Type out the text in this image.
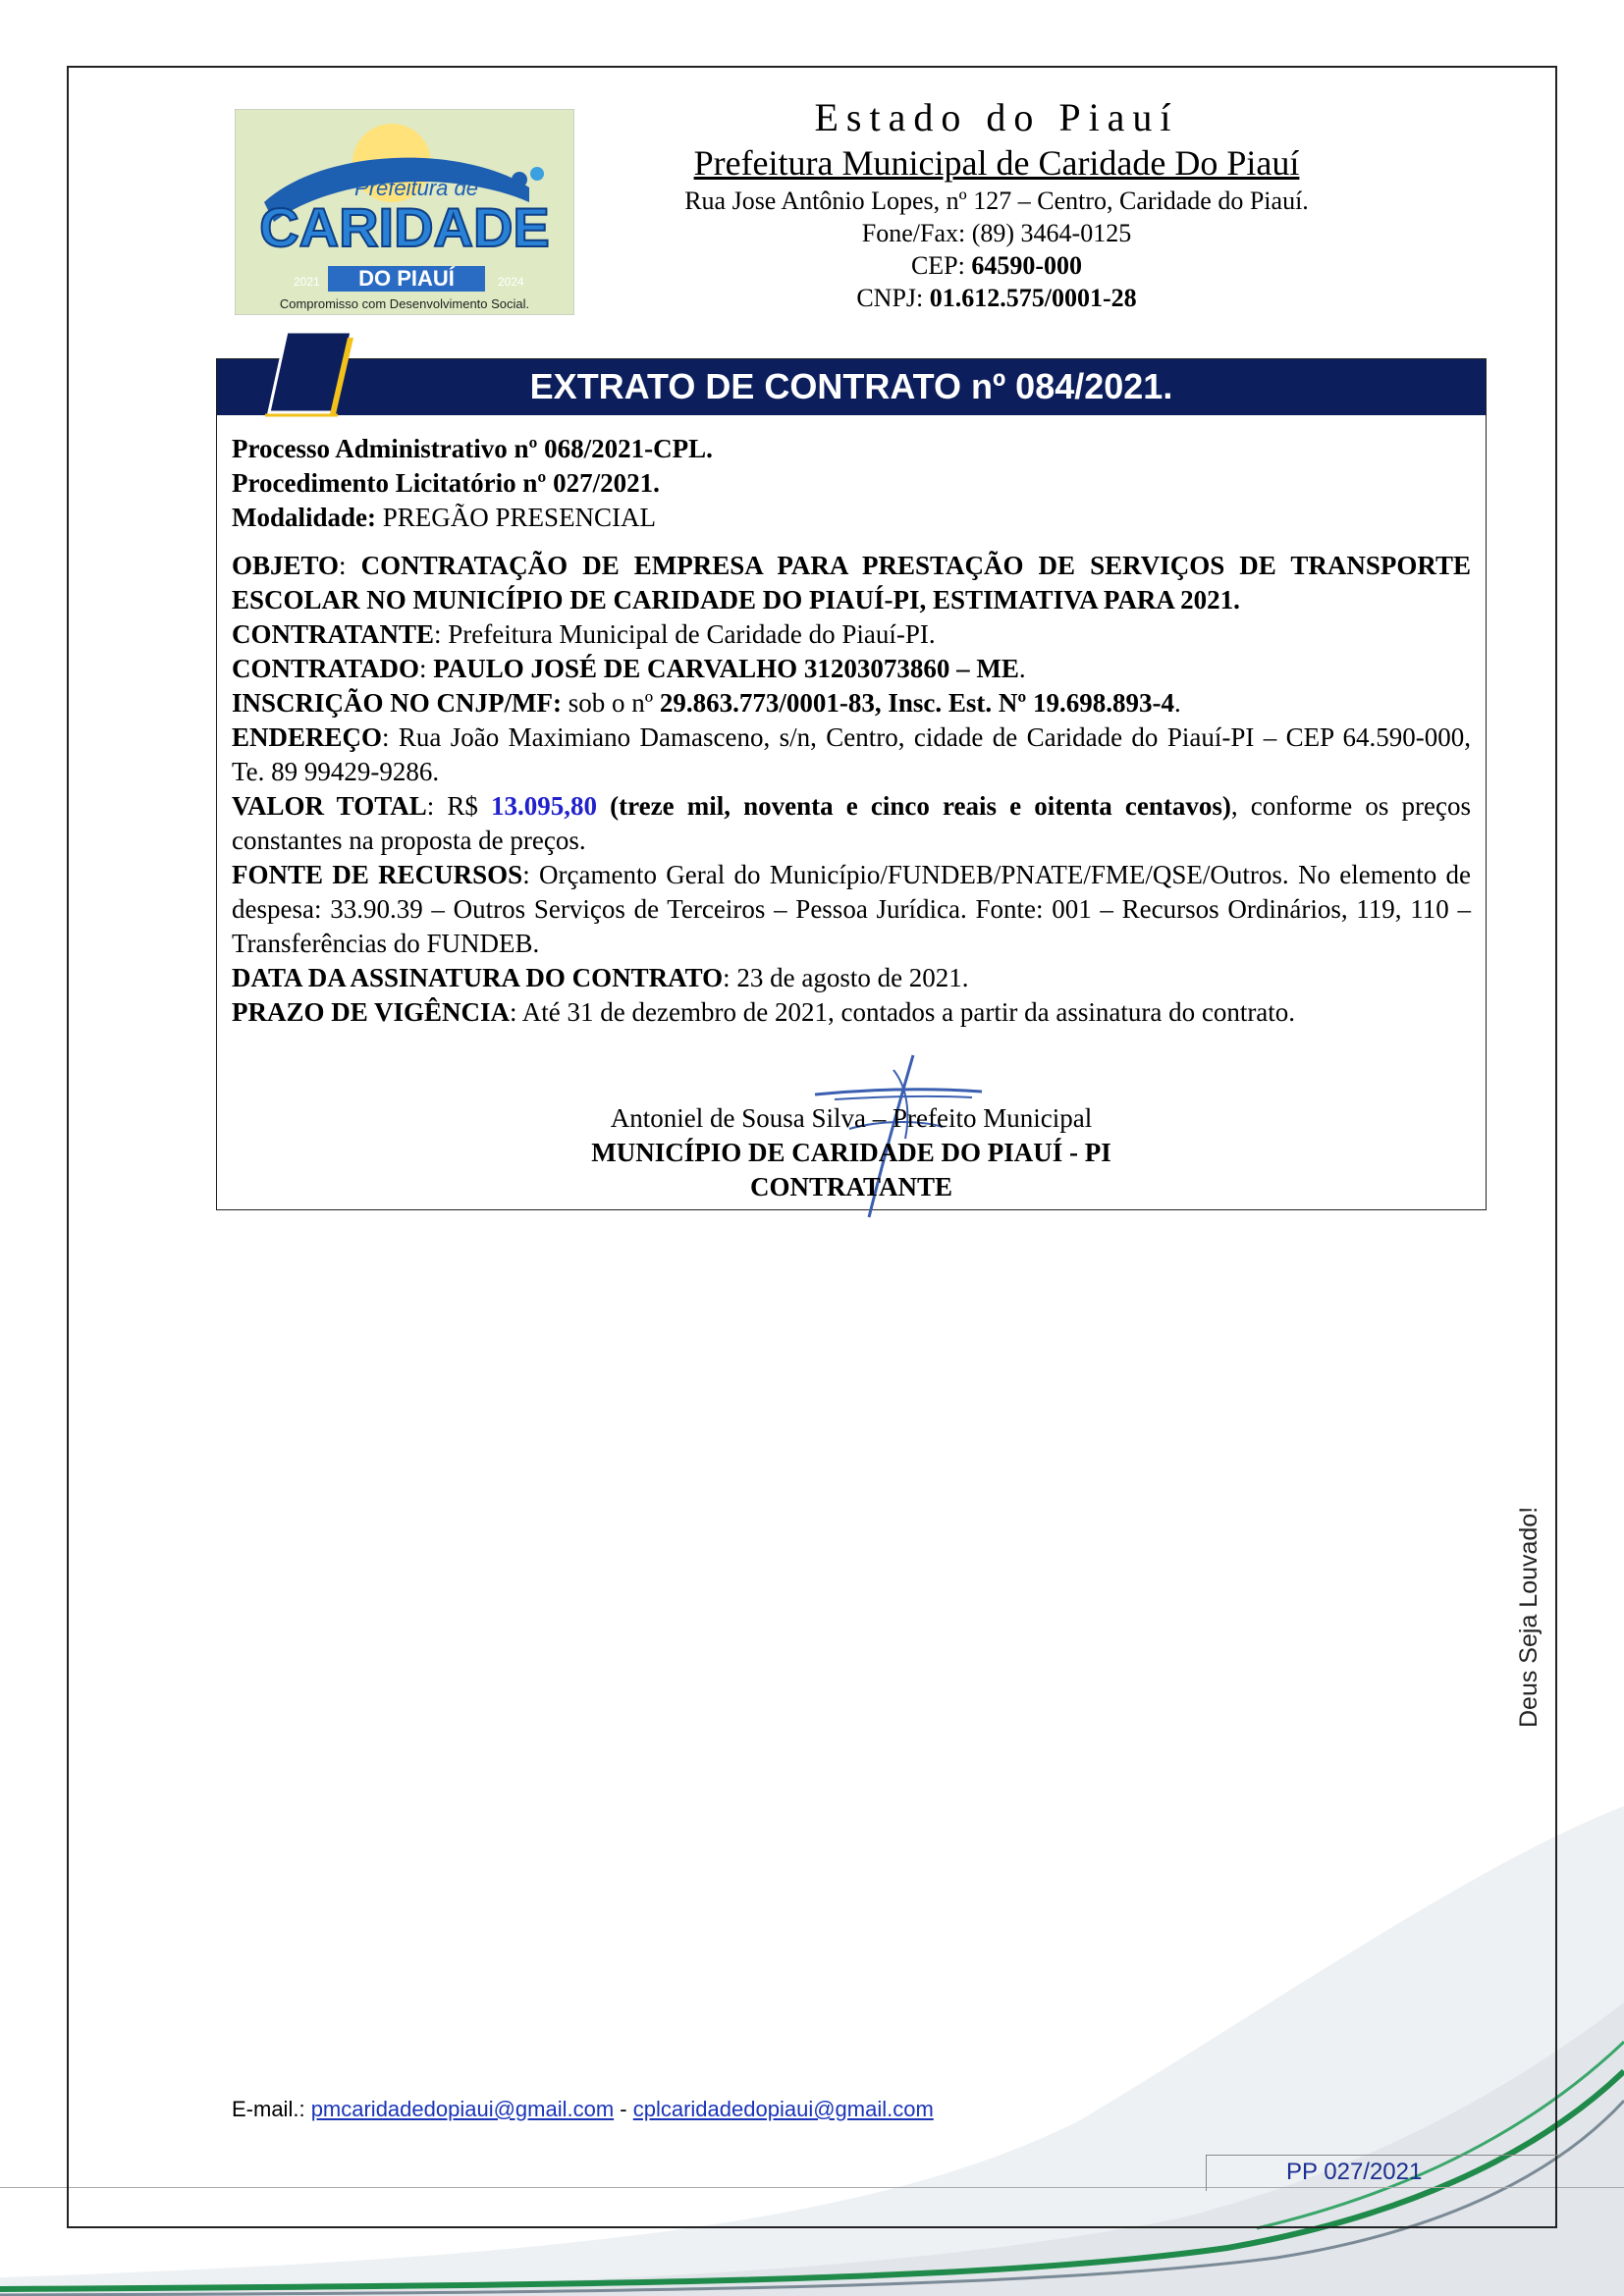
Prefeitura de
CARIDADE
DO PIAUÍ
2021	2024
Compromisso com Desenvolvimento Social.
Estado do Piauí
Prefeitura Municipal de Caridade Do Piauí
Rua Jose Antônio Lopes, nº 127 – Centro, Caridade do Piauí.
Fone/Fax: (89) 3464-0125
CEP: 64590-000
CNPJ: 01.612.575/0001-28
EXTRATO DE CONTRATO nº 084/2021.

Processo Administrativo nº 068/2021-CPL.

Procedimento Licitatório nº 027/2021.

Modalidade: PREGÃO PRESENCIAL

OBJETO: CONTRATAÇÃO DE EMPRESA PARA PRESTAÇÃO DE SERVIÇOS DE TRANSPORTE ESCOLAR NO MUNICÍPIO DE CARIDADE DO PIAUÍ-PI, ESTIMATIVA PARA 2021.

CONTRATANTE: Prefeitura Municipal de Caridade do Piauí-PI.

CONTRATADO: PAULO JOSÉ DE CARVALHO 31203073860 – ME.

INSCRIÇÃO NO CNJP/MF: sob o nº 29.863.773/0001-83, Insc. Est. Nº 19.698.893-4.

ENDEREÇO: Rua João Maximiano Damasceno, s/n, Centro, cidade de Caridade do Piauí-PI – CEP 64.590-000, Te. 89 99429-9286.

VALOR TOTAL: R$ 13.095,80 (treze mil, noventa e cinco reais e oitenta centavos), conforme os preços constantes na proposta de preços.

FONTE DE RECURSOS: Orçamento Geral do Município/FUNDEB/PNATE/FME/QSE/Outros. No elemento de despesa: 33.90.39 – Outros Serviços de Terceiros – Pessoa Jurídica. Fonte: 001 – Recursos Ordinários, 119, 110 – Transferências do FUNDEB.

DATA DA ASSINATURA DO CONTRATO: 23 de agosto de 2021.

PRAZO DE VIGÊNCIA: Até 31 de dezembro de 2021, contados a partir da assinatura do contrato.

Antoniel de Sousa Silva – Prefeito Municipal
MUNICÍPIO DE CARIDADE DO PIAUÍ - PI
CONTRATANTE
Deus Seja Louvado!
E-mail.: pmcaridadedopiaui@gmail.com - cplcaridadedopiaui@gmail.com
PP 027/2021
